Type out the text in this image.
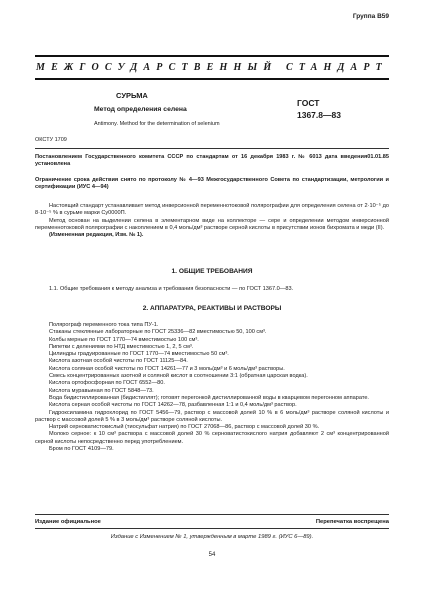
Группа В59
МЕЖГОСУДАРСТВЕННЫЙ СТАНДАРТ
СУРЬМА
Метод определения селена
Antimony. Method for the determination of selenium
ГОСТ
1367.8—83
ОКСТУ 1709
01.01.85
Постановлением Государственного комитета СССР по стандартам от 16 декабря 1983 г. № 6013 дата введения установлена
Ограничение срока действия снято по протоколу № 4—93 Межгосударственного Совета по стандартизации, метрологии и сертификации (ИУС 4—94)

Настоящий стандарт устанавливает метод инверсионной переменнотоковой полярографии для определения селена от 2·10⁻⁵ до 8·10⁻⁵ % в сурьме марки Су0000П.

Метод основан на выделении селена в элементарном виде на коллекторе — сере и определении методом инверсионной переменнотоковой полярографии с накоплением в 0,4 моль/дм³ растворе серной кислоты в присутствии ионов бихромата и меди (II).

(Измененная редакция, Изм. № 1).

1. ОБЩИЕ ТРЕБОВАНИЯ

1.1. Общие требования к методу анализа и требования безопасности — по ГОСТ 1367.0—83.

2. АППАРАТУРА, РЕАКТИВЫ И РАСТВОРЫ

Полярограф переменного тока типа ПУ-1.

Стаканы стеклянные лабораторные по ГОСТ 25336—82 вместимостью 50, 100 см³.

Колбы мерные по ГОСТ 1770—74 вместимостью 100 см³.

Пипетки с делениями по НТД вместимостью 1, 2, 5 см³.

Цилиндры градуированные по ГОСТ 1770—74 вместимостью 50 см³.

Кислота азотная особой чистоты по ГОСТ 11125—84.

Кислота соляная особой чистоты по ГОСТ 14261—77 и 3 моль/дм³ и 6 моль/дм³ растворы.

Смесь концентрированных азотной и соляной кислот в соотношении 3:1 (обратная царская водка).

Кислота ортофосфорная по ГОСТ 6552—80.

Кислота муравьиная по ГОСТ 5848—73.

Вода бидистиллированная (бидистиллят); готовят перегонкой дистиллированной воды в кварцевом перегонном аппарате.

Кислота серная особой чистоты по ГОСТ 14262—78, разбавленная 1:1 и 0,4 моль/дм³ раствор.

Гидроксиламина гидрохлорид по ГОСТ 5456—79, раствор с массовой долей 10 % в 6 моль/дм³ растворе соляной кислоты и раствор с массовой долей 5 % в 3 моль/дм³ растворе соляной кислоты.

Натрий серноватистокислый (тиосульфат натрия) по ГОСТ 27068—86, раствор с массовой долей 30 %.

Молоко серное: к 10 см³ раствора с массовой долей 30 % серноватистокислого натрия добавляют 2 см³ концентрированной серной кислоты непосредственно перед употреблением.

Бром по ГОСТ 4109—79.

Издание официальное	Перепечатка воспрещена
Издание с Изменением № 1, утвержденным в марте 1989 г. (ИУС 6—89).
54
